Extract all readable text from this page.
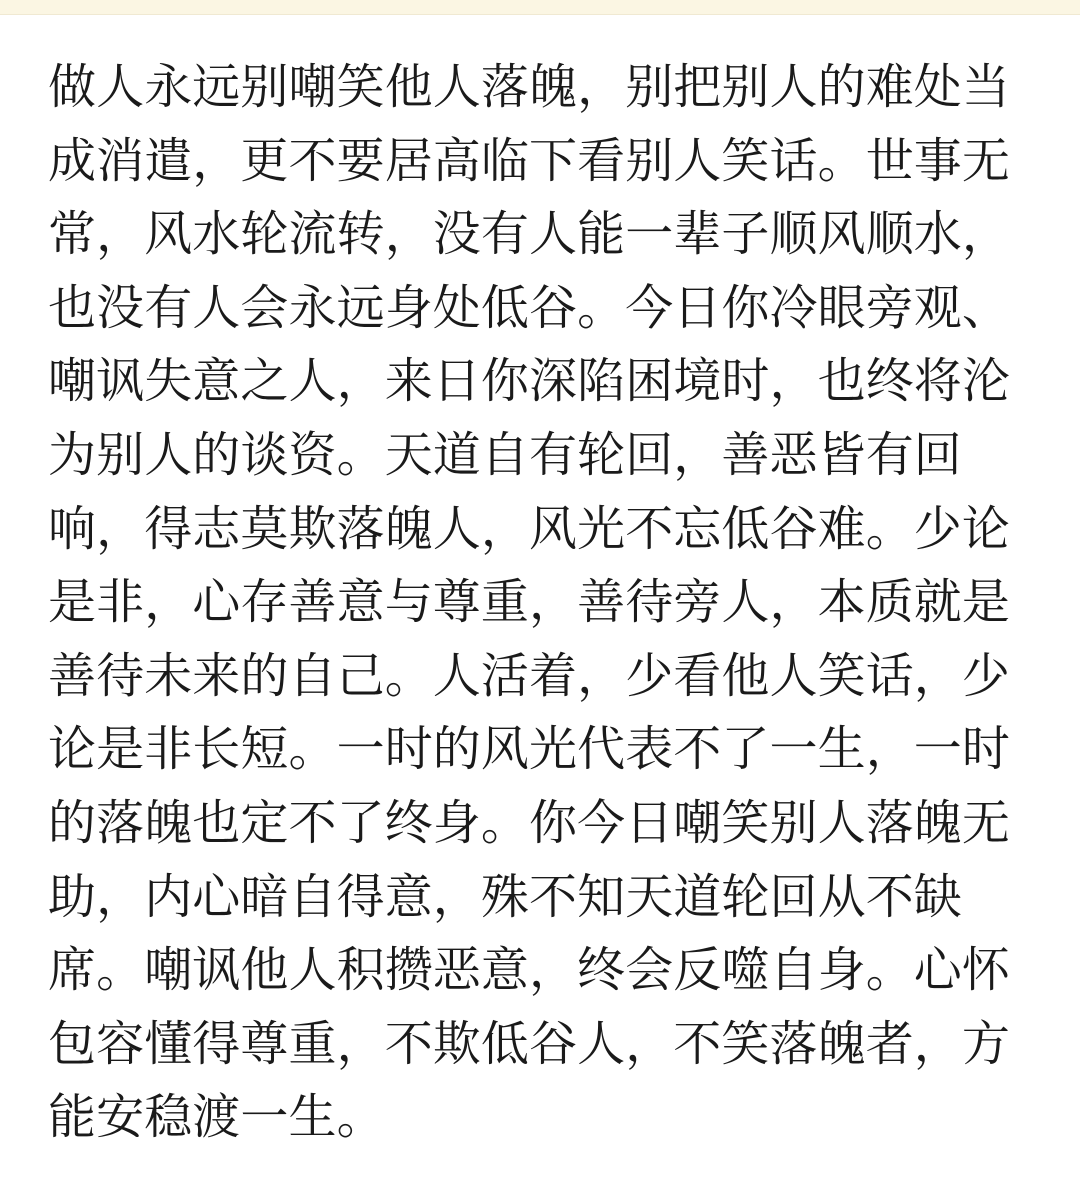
做人永远别嘲笑他人落魄，别把别人的难处当

成消遣，更不要居高临下看别人笑话。世事无

常，风水轮流转，没有人能一辈子顺风顺水，

也没有人会永远身处低谷。今日你冷眼旁观、

嘲讽失意之人，来日你深陷困境时，也终将沦

为别人的谈资。天道自有轮回，善恶皆有回

响，得志莫欺落魄人，风光不忘低谷难。少论

是非，心存善意与尊重，善待旁人，本质就是

善待未来的自己。人活着，少看他人笑话，少

论是非长短。一时的风光代表不了一生，一时

的落魄也定不了终身。你今日嘲笑别人落魄无

助，内心暗自得意，殊不知天道轮回从不缺

席。嘲讽他人积攒恶意，终会反噬自身。心怀

包容懂得尊重，不欺低谷人，不笑落魄者，方

能安稳渡一生。
